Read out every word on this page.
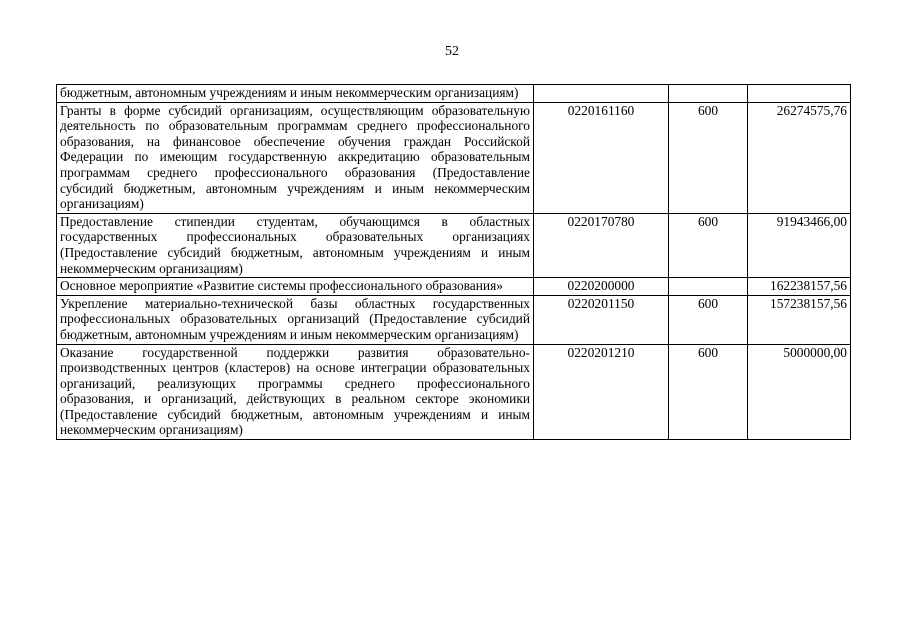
52
бюджетным, автономным учреждениям и иным некоммерческим организациям)			
Гранты в форме субсидий организациям, осуществляющим образовательную деятельность по образовательным программам среднего профессионального образования, на финансовое обеспечение обучения граждан Российской Федерации по имеющим государственную аккредитацию образовательным программам среднего профессионального образования (Предоставление субсидий бюджетным, автономным учреждениям и иным некоммерческим организациям)	0220161160	600	26274575,76
Предоставление стипендии студентам, обучающимся в областных государственных профессиональных образовательных организациях (Предоставление субсидий бюджетным, автономным учреждениям и иным некоммерческим организациям)	0220170780	600	91943466,00
Основное мероприятие «Развитие системы профессионального образования»	0220200000		162238157,56
Укрепление материально-технической базы областных государственных профессиональных образовательных организаций (Предоставление субсидий бюджетным, автономным учреждениям и иным некоммерческим организациям)	0220201150	600	157238157,56
Оказание государственной поддержки развития образовательно-производственных центров (кластеров) на основе интеграции образовательных организаций, реализующих программы среднего профессионального образования, и организаций, действующих в реальном секторе экономики (Предоставление субсидий бюджетным, автономным учреждениям и иным некоммерческим организациям)	0220201210	600	5000000,00
